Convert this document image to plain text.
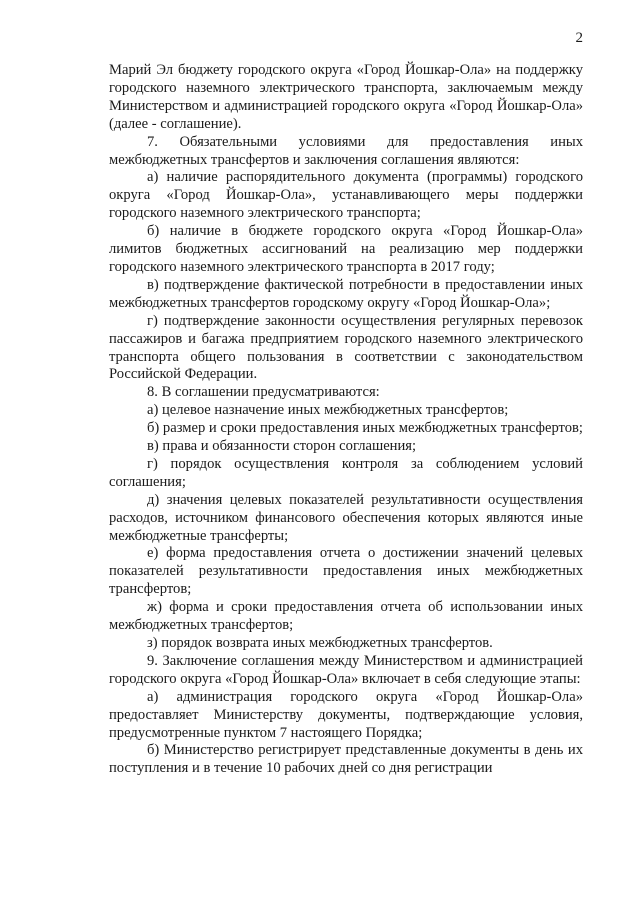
2

Марий Эл бюджету городского округа «Город Йошкар-Ола» на поддержку городского наземного электрического транспорта, заключаемым между Министерством и администрацией городского округа «Город Йошкар-Ола» (далее - соглашение).

7. Обязательными условиями для предоставления иных межбюджетных трансфертов и заключения соглашения являются:

а) наличие распорядительного документа (программы) городского округа «Город Йошкар-Ола», устанавливающего меры поддержки городского наземного электрического транспорта;

б) наличие в бюджете городского округа «Город Йошкар-Ола» лимитов бюджетных ассигнований на реализацию мер поддержки городского наземного электрического транспорта в 2017 году;

в) подтверждение фактической потребности в предоставлении иных межбюджетных трансфертов городскому округу «Город Йошкар-Ола»;

г) подтверждение законности осуществления регулярных перевозок пассажиров и багажа предприятием городского наземного электрического транспорта общего пользования в соответствии с законодательством Российской Федерации.

8. В соглашении предусматриваются:

а) целевое назначение иных межбюджетных трансфертов;

б) размер и сроки предоставления иных межбюджетных трансфертов;

в) права и обязанности сторон соглашения;

г) порядок осуществления контроля за соблюдением условий соглашения;

д) значения целевых показателей результативности осуществления расходов, источником финансового обеспечения которых являются иные межбюджетные трансферты;

е) форма предоставления отчета о достижении значений целевых показателей результативности предоставления иных межбюджетных трансфертов;

ж) форма и сроки предоставления отчета об использовании иных межбюджетных трансфертов;

з) порядок возврата иных межбюджетных трансфертов.

9. Заключение соглашения между Министерством и администрацией городского округа «Город Йошкар-Ола» включает в себя следующие этапы:

а) администрация городского округа «Город Йошкар-Ола» предоставляет Министерству документы, подтверждающие условия, предусмотренные пунктом 7 настоящего Порядка;

б) Министерство регистрирует представленные документы в день их поступления и в течение 10 рабочих дней со дня регистрации
